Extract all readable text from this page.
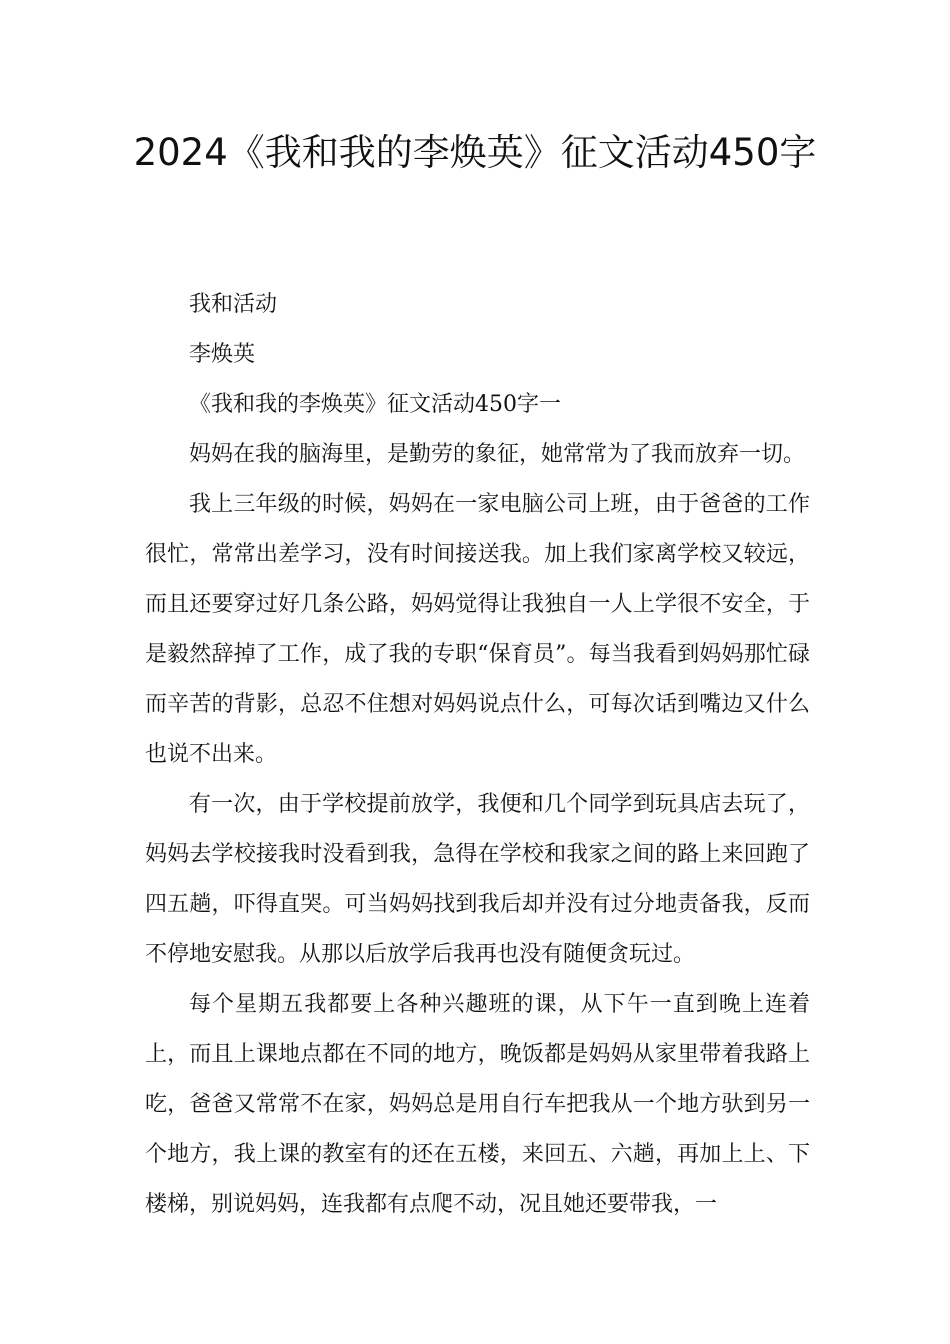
2024《我和我的李焕英》征文活动450字

我和活动

李焕英

《我和我的李焕英》征文活动450字一

妈妈在我的脑海里，是勤劳的象征，她常常为了我而放弃一切。

我上三年级的时候，妈妈在一家电脑公司上班，由于爸爸的工作很忙，常常出差学习，没有时间接送我。加上我们家离学校又较远，而且还要穿过好几条公路，妈妈觉得让我独自一人上学很不安全，于是毅然辞掉了工作，成了我的专职“保育员”。每当我看到妈妈那忙碌而辛苦的背影，总忍不住想对妈妈说点什么，可每次话到嘴边又什么也说不出来。

有一次，由于学校提前放学，我便和几个同学到玩具店去玩了，妈妈去学校接我时没看到我，急得在学校和我家之间的路上来回跑了四五趟，吓得直哭。可当妈妈找到我后却并没有过分地责备我，反而不停地安慰我。从那以后放学后我再也没有随便贪玩过。

每个星期五我都要上各种兴趣班的课，从下午一直到晚上连着上，而且上课地点都在不同的地方，晚饭都是妈妈从家里带着我路上吃，爸爸又常常不在家，妈妈总是用自行车把我从一个地方驮到另一个地方，我上课的教室有的还在五楼，来回五、六趟，再加上上、下楼梯，别说妈妈，连我都有点爬不动，况且她还要带我，一
